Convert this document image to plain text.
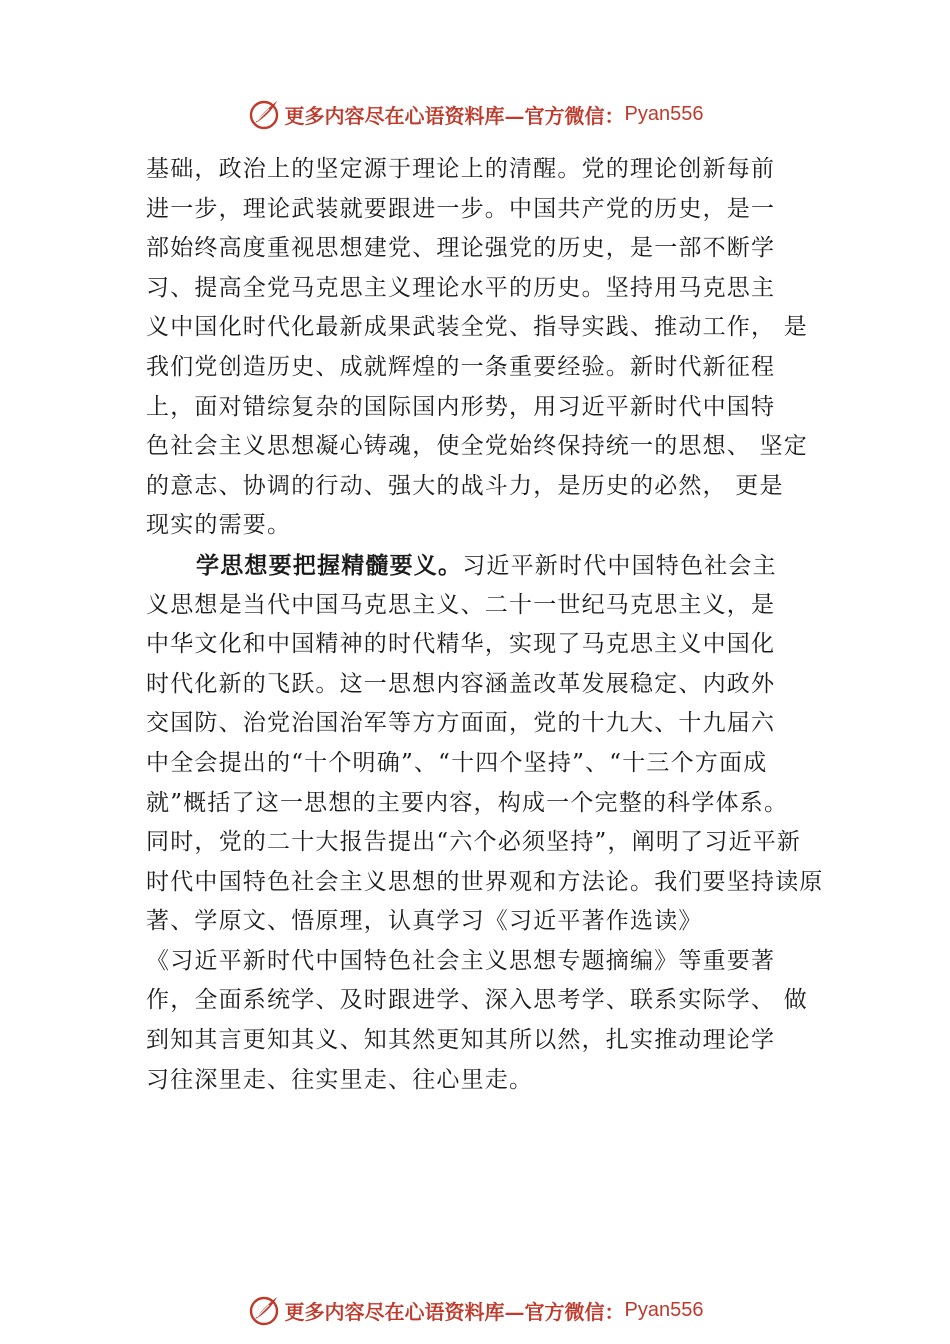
更多内容尽在心语资料库—官方微信： Pyan556
基础，政治上的坚定源于理论上的清醒。党的理论创新每前
进一步，理论武装就要跟进一步。中国共产党的历史，是一
部始终高度重视思想建党、理论强党的历史，是一部不断学
习、提高全党马克思主义理论水平的历史。坚持用马克思主
义中国化时代化最新成果武装全党、指导实践、推动工作， 是
我们党创造历史、成就辉煌的一条重要经验。新时代新征程
上，面对错综复杂的国际国内形势，用习近平新时代中国特
色社会主义思想凝心铸魂，使全党始终保持统一的思想、 坚定
的意志、协调的行动、强大的战斗力，是历史的必然， 更是
现实的需要。
学思想要把握精髓要义。习近平新时代中国特色社会主
义思想是当代中国马克思主义、二十一世纪马克思主义，是
中华文化和中国精神的时代精华，实现了马克思主义中国化
时代化新的飞跃。这一思想内容涵盖改革发展稳定、内政外
交国防、治党治国治军等方方面面，党的十九大、十九届六
中全会提出的“十个明确”、“十四个坚持”、“十三个方面成
就”概括了这一思想的主要内容，构成一个完整的科学体系。
同时，党的二十大报告提出“六个必须坚持”，阐明了习近平新
时代中国特色社会主义思想的世界观和方法论。我们要坚持读原
著、学原文、悟原理，认真学习《习近平著作选读》
《习近平新时代中国特色社会主义思想专题摘编》等重要著
作，全面系统学、及时跟进学、深入思考学、联系实际学、 做
到知其言更知其义、知其然更知其所以然，扎实推动理论学
习往深里走、往实里走、往心里走。
更多内容尽在心语资料库—官方微信： Pyan556
